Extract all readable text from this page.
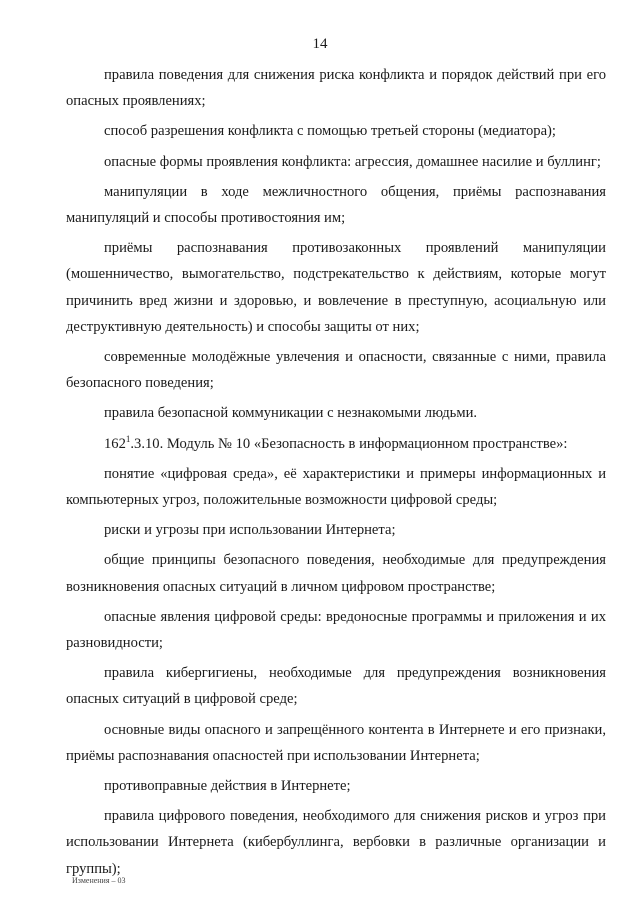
14

правила поведения для снижения риска конфликта и порядок действий при его опасных проявлениях;

способ разрешения конфликта с помощью третьей стороны (медиатора);

опасные формы проявления конфликта: агрессия, домашнее насилие и буллинг;

манипуляции в ходе межличностного общения, приёмы распознавания манипуляций и способы противостояния им;

приёмы распознавания противозаконных проявлений манипуляции (мошенничество, вымогательство, подстрекательство к действиям, которые могут причинить вред жизни и здоровью, и вовлечение в преступную, асоциальную или деструктивную деятельность) и способы защиты от них;

современные молодёжные увлечения и опасности, связанные с ними, правила безопасного поведения;

правила безопасной коммуникации с незнакомыми людьми.

$162^1.3.10$. Модуль № 10 «Безопасность в информационном пространстве»:

понятие «цифровая среда», её характеристики и примеры информационных и компьютерных угроз, положительные возможности цифровой среды;

риски и угрозы при использовании Интернета;

общие принципы безопасного поведения, необходимые для предупреждения возникновения опасных ситуаций в личном цифровом пространстве;

опасные явления цифровой среды: вредоносные программы и приложения и их разновидности;

правила кибергигиены, необходимые для предупреждения возникновения опасных ситуаций в цифровой среде;

основные виды опасного и запрещённого контента в Интернете и его признаки, приёмы распознавания опасностей при использовании Интернета;

противоправные действия в Интернете;

правила цифрового поведения, необходимого для снижения рисков и угроз при использовании Интернета (кибербуллинга, вербовки в различные организации и группы);

Изменения – 03
